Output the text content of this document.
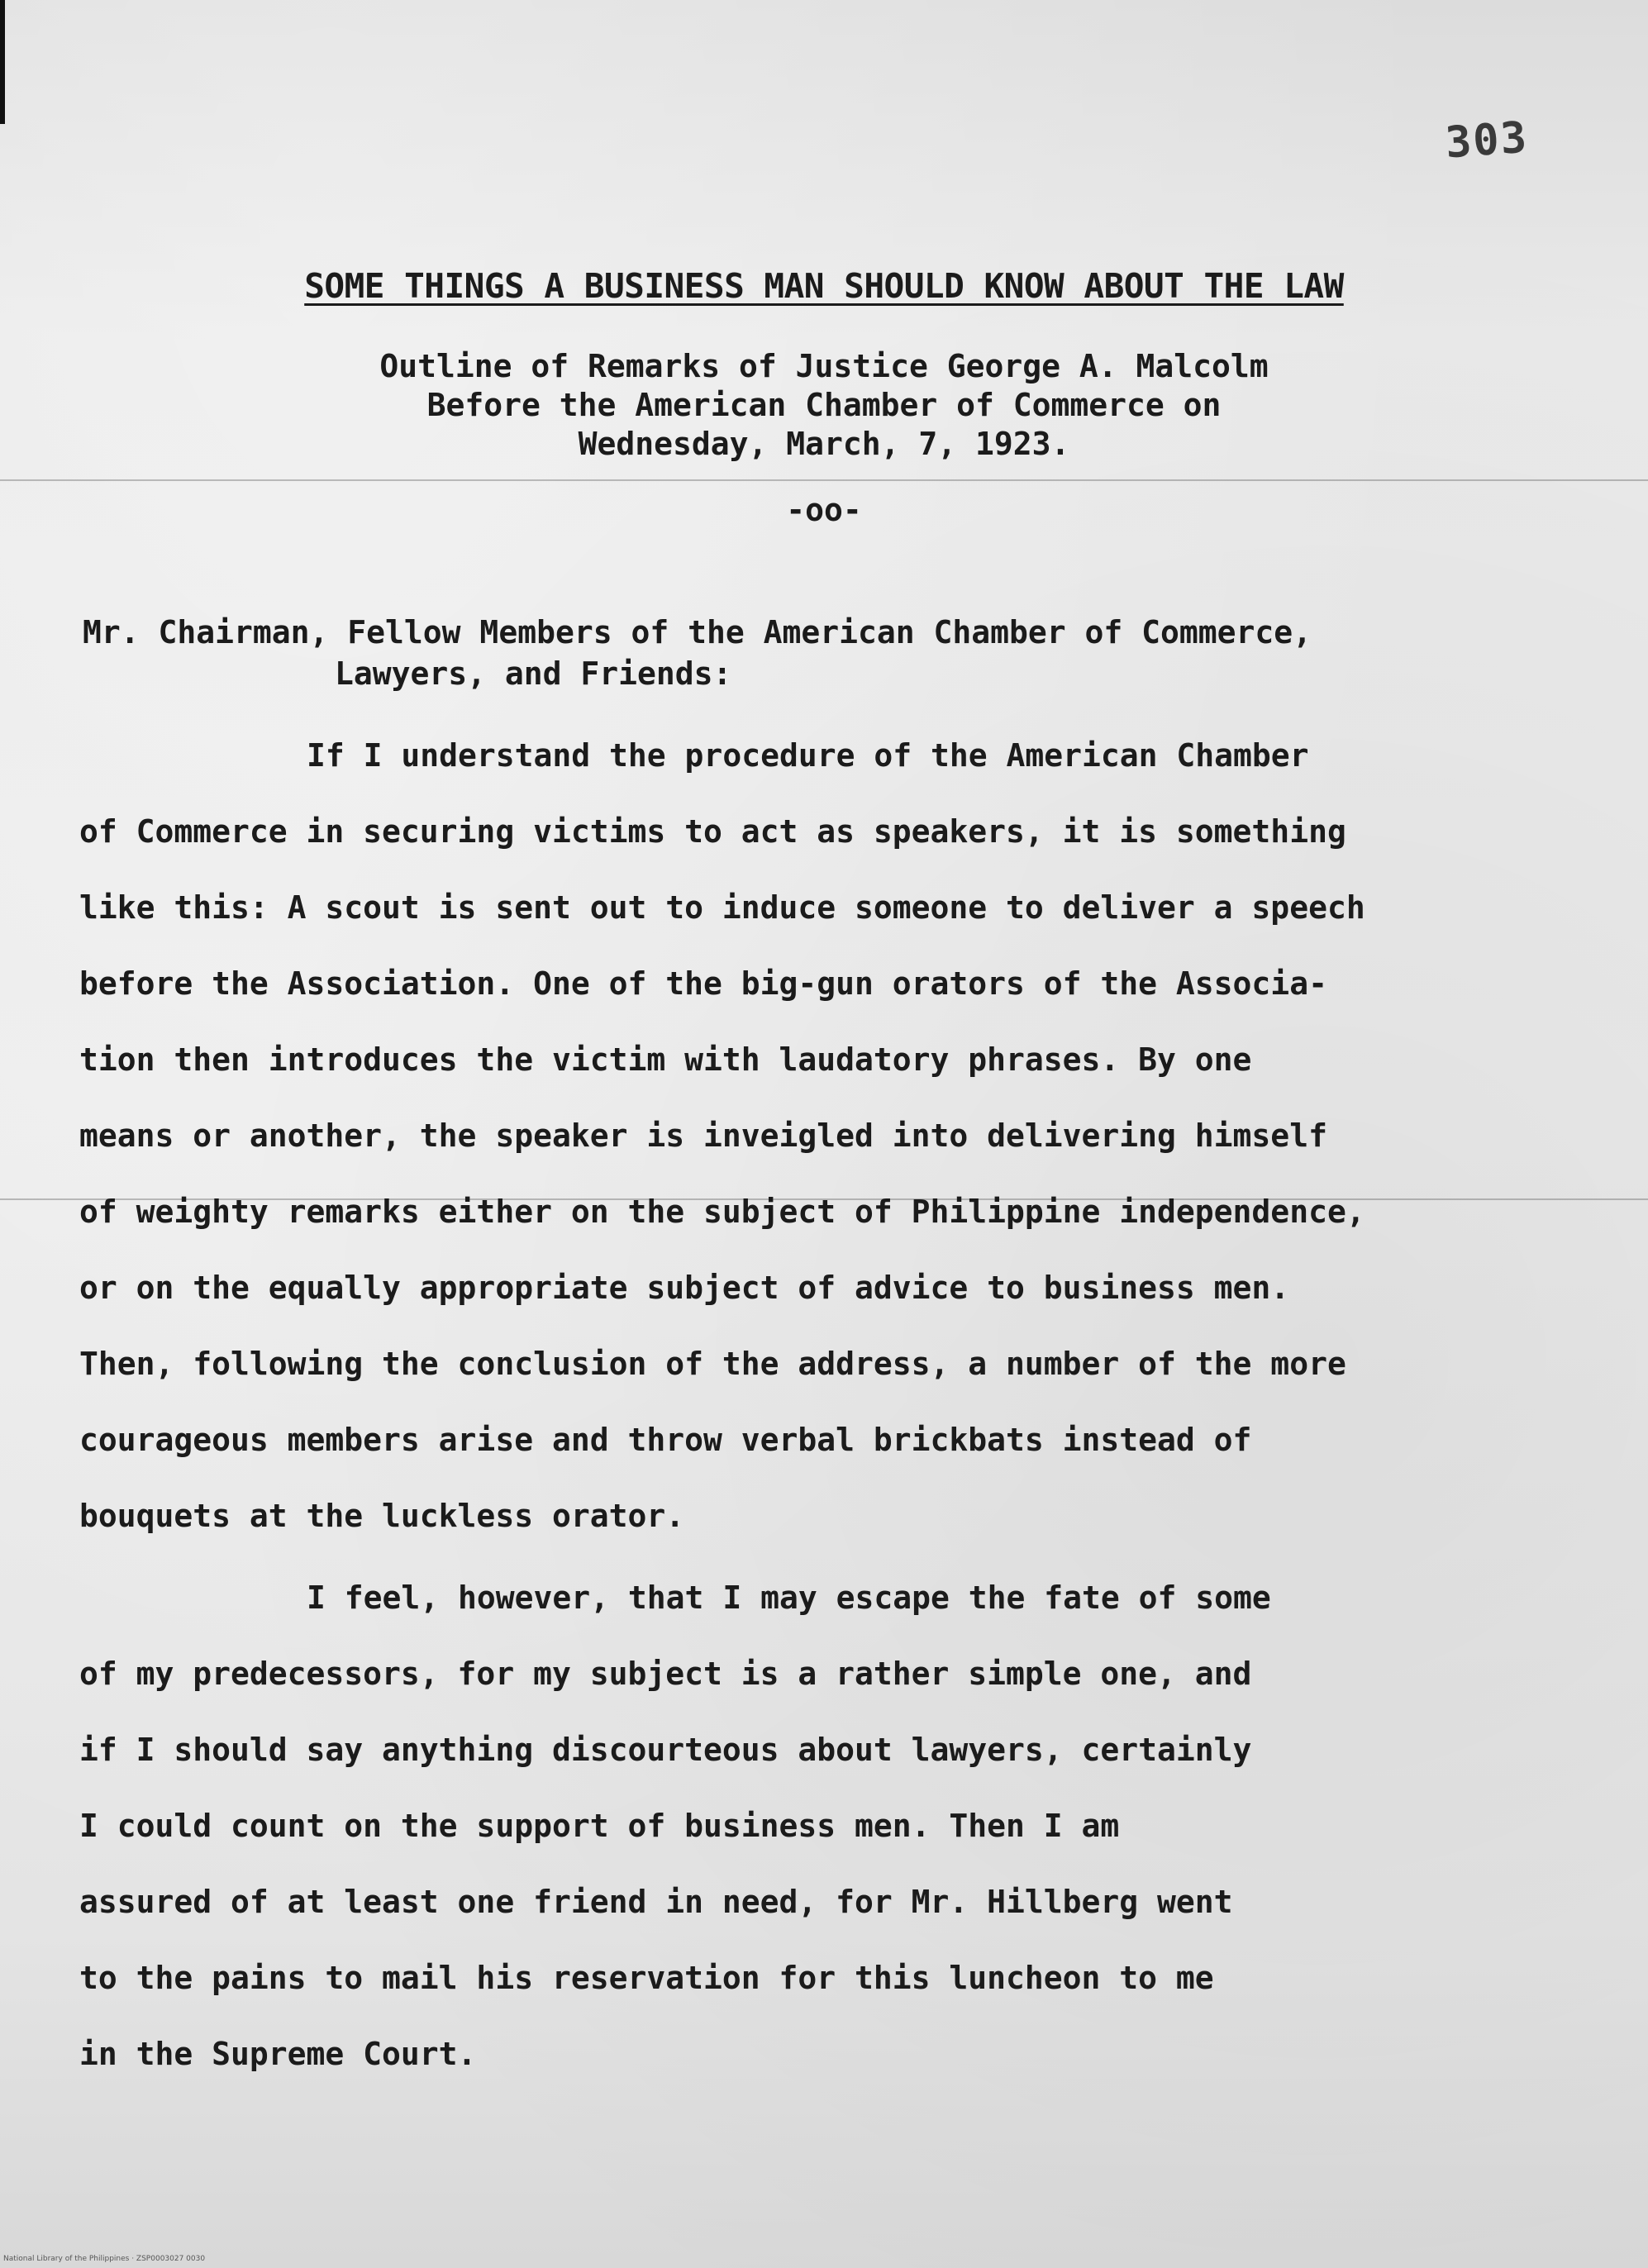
303
SOME THINGS A BUSINESS MAN SHOULD KNOW ABOUT THE LAW
Outline of Remarks of Justice George A. Malcolm
Before the American Chamber of Commerce on
Wednesday, March, 7, 1923.
-oo-
Mr. Chairman, Fellow Members of the American Chamber of Commerce,
Lawyers, and Friends:
If I understand the procedure of the American Chamber
of Commerce in securing victims to act as speakers, it is something
like this: A scout is sent out to induce someone to deliver a speech
before the Association. One of the big-gun orators of the Associa-
tion then introduces the victim with laudatory phrases. By one
means or another, the speaker is inveigled into delivering himself
of weighty remarks either on the subject of Philippine independence,
or on the equally appropriate subject of advice to business men.
Then, following the conclusion of the address, a number of the more
courageous members arise and throw verbal brickbats instead of
bouquets at the luckless orator.
I feel, however, that I may escape the fate of some
of my predecessors, for my subject is a rather simple one, and
if I should say anything discourteous about lawyers, certainly
I could count on the support of business men. Then I am
assured of at least one friend in need, for Mr. Hillberg went
to the pains to mail his reservation for this luncheon to me
in the Supreme Court.
National Library of the Philippines · ZSP0003027 0030
